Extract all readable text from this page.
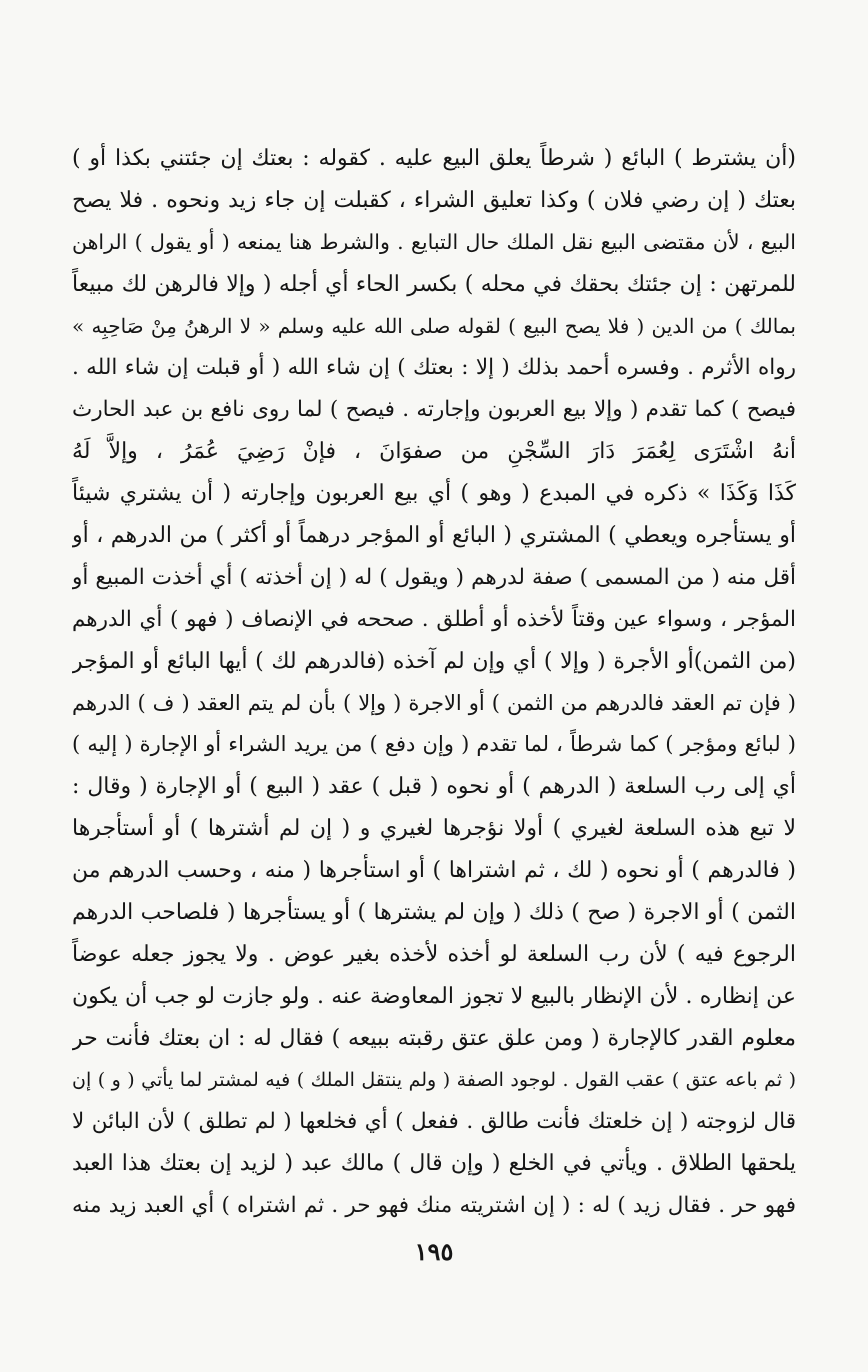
(أن يشترط ) البائع ( شرطاً يعلق البيع عليه . كقوله : بعتك إن جئتني بكذا أو )
بعتك ( إن رضي فلان ) وكذا تعليق الشراء ، كقبلت إن جاء زيد ونحوه . فلا يصح
البيع ، لأن مقتضى البيع نقل الملك حال التبايع . والشرط هنا يمنعه ( أو يقول ) الراهن
للمرتهن : إن جئتك بحقك في محله ) بكسر الحاء أي أجله ( وإلا فالرهن لك مبيعاً
بمالك ) من الدين ( فلا يصح البيع ) لقوله صلى الله عليه وسلم « لا الرهنُ مِنْ صَاحِبِه »
رواه الأثرم . وفسره أحمد بذلك ( إلا : بعتك ) إن شاء الله ( أو قبلت إن شاء الله .
فيصح ) كما تقدم ( وإلا بيع العربون وإجارته . فيصح ) لما روى نافع بن عبد الحارث
أنهُ اشْتَرَى لِعُمَرَ دَارَ السِّجْنِ من صفوَانَ ، فإنْ رَضِيَ عُمَرُ ، وإلاَّ لَهُ
كَذَا وَكَذَا » ذكره في المبدع ( وهو ) أي بيع العربون وإجارته ( أن يشتري شيئاً
أو يستأجره ويعطي ) المشتري ( البائع أو المؤجر درهماً أو أكثر ) من الدرهم ، أو
أقل منه ( من المسمى ) صفة لدرهم ( ويقول ) له ( إن أخذته ) أي أخذت المبيع أو
المؤجر ، وسواء عين وقتاً لأخذه أو أطلق . صححه في الإنصاف ( فهو ) أي الدرهم
(من الثمن)أو الأجرة ( وإلا ) أي وإن لم آخذه (فالدرهم لك ) أيها البائع أو المؤجر
( فإن تم العقد فالدرهم من الثمن ) أو الاجرة ( وإلا ) بأن لم يتم العقد ( ف ) الدرهم
( لبائع ومؤجر ) كما شرطاً ، لما تقدم ( وإن دفع ) من يريد الشراء أو الإجارة ( إليه )
أي إلى رب السلعة ( الدرهم ) أو نحوه ( قبل ) عقد ( البيع ) أو الإجارة ( وقال :
لا تبع هذه السلعة لغيري ) أولا نؤجرها لغيري و ( إن لم أشترها ) أو أستأجرها
( فالدرهم ) أو نحوه ( لك ، ثم اشتراها ) أو استأجرها ( منه ، وحسب الدرهم من
الثمن ) أو الاجرة ( صح ) ذلك ( وإن لم يشترها ) أو يستأجرها ( فلصاحب الدرهم
الرجوع فيه ) لأن رب السلعة لو أخذه لأخذه بغير عوض . ولا يجوز جعله عوضاً
عن إنظاره . لأن الإنظار بالبيع لا تجوز المعاوضة عنه . ولو جازت لو جب أن يكون
معلوم القدر كالإجارة ( ومن علق عتق رقبته ببيعه ) فقال له : ان بعتك فأنت حر
( ثم باعه عتق ) عقب القول . لوجود الصفة ( ولم ينتقل الملك ) فيه لمشتر لما يأتي ( و ) إن
قال لزوجته ( إن خلعتك فأنت طالق . ففعل ) أي فخلعها ( لم تطلق ) لأن البائن لا
يلحقها الطلاق . ويأتي في الخلع ( وإن قال ) مالك عبد ( لزيد إن بعتك هذا العبد
فهو حر . فقال زيد ) له : ( إن اشتريته منك فهو حر . ثم اشتراه ) أي العبد زيد منه
١٩٥
